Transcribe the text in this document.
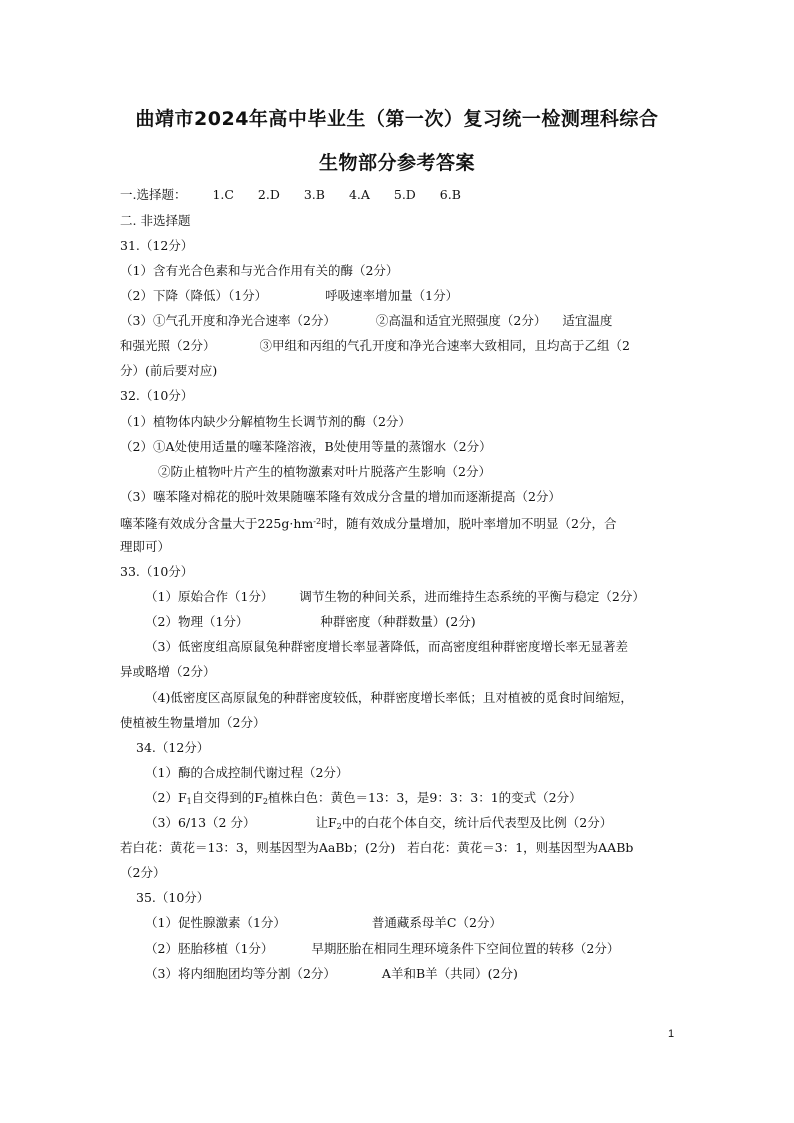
曲靖市2024年高中毕业生（第一次）复习统一检测理科综合
生物部分参考答案
一.选择题： 1.C 2.D 3.B 4.A 5.D 6.B
二. 非选择题
31.（12分）
（1）含有光合色素和与光合作用有关的酶（2分）
（2）下降（降低）（1分）	呼吸速率增加量（1分）
（3）①气孔开度和净光合速率（2分）	②高温和适宜光照强度（2分） 适宜温度
和强光照（2分）	③甲组和丙组的气孔开度和净光合速率大致相同，且均高于乙组（2
分）(前后要对应)
32.（10分）
（1）植物体内缺少分解植物生长调节剂的酶（2分）
（2）①A处使用适量的噻苯隆溶液，B处使用等量的蒸馏水（2分）
②防止植物叶片产生的植物激素对叶片脱落产生影响（2分）
（3）噻苯隆对棉花的脱叶效果随噻苯隆有效成分含量的增加而逐渐提高（2分）
噻苯隆有效成分含量大于$225g\cdot hm^{-2}$时，随有效成分量增加，脱叶率增加不明显（2分，合
理即可）
33.（10分）
（1）原始合作（1分） 调节生物的种间关系，进而维持生态系统的平衡与稳定（2分）
（2）物理（1分）	种群密度（种群数量）(2分)
（3）低密度组高原鼠兔种群密度增长率显著降低，而高密度组种群密度增长率无显著差
异或略增（2分）
（4)低密度区高原鼠兔的种群密度较低，种群密度增长率低；且对植被的觅食时间缩短，
使植被生物量增加（2分）
34.（12分）
（1）酶的合成控制代谢过程（2分）
$(2)F_1$自交得到的$F_2$植株白色：黄色＝13：3，是9：3：3：1的变式（2分）
（3）6/13（2 分）	让$F_2$中的白花个体自交，统计后代表型及比例（2分）
若白花：黄花＝13：3，则基因型为AaBb；(2分) 若白花：黄花＝3：1，则基因型为AABb
（2分）
35.（10分）
（1）促性腺激素（1分）	普通藏系母羊C（2分）
（2）胚胎移植（1分）	早期胚胎在相同生理环境条件下空间位置的转移（2分）
（3）将内细胞团均等分割（2分）	A羊和B羊（共同）(2分)
1
